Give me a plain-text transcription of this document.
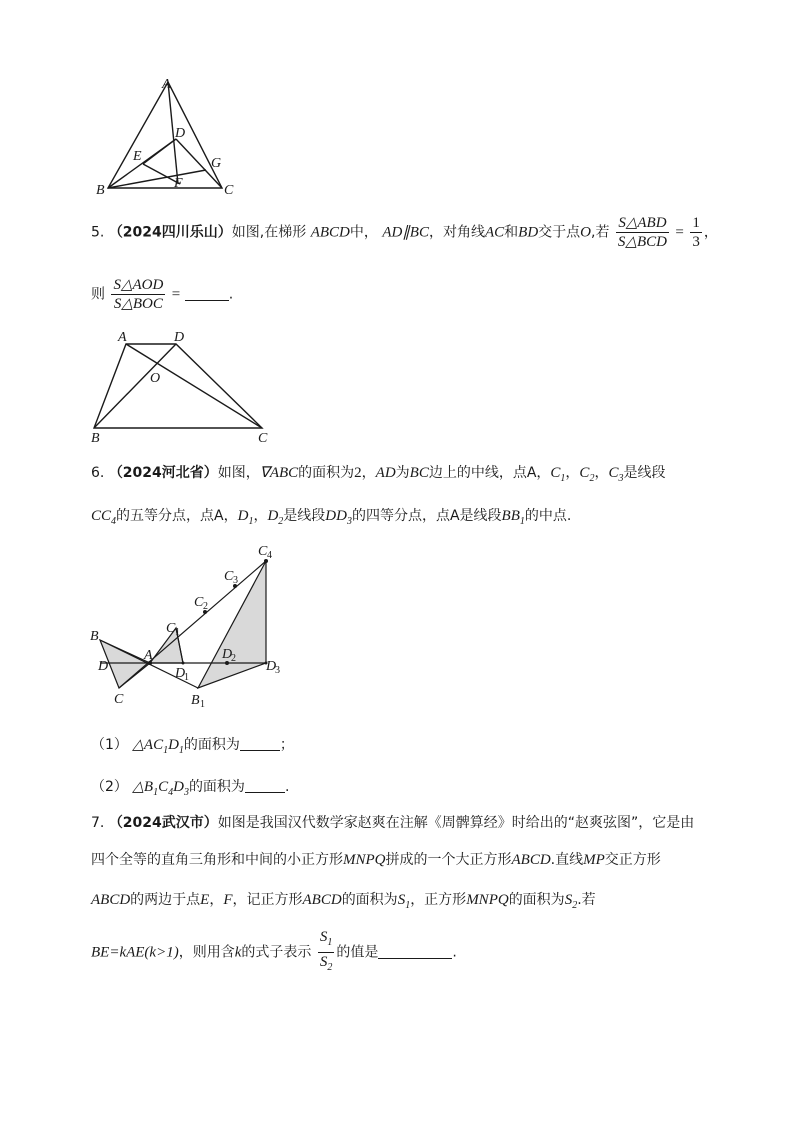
A
D
E	G
F
B	C
5. （2024四川乐山）如图,在梯形 ABCD中， AD∥BC，对角线AC和BD交于点O,若 $\frac{\text{S△ABD}}{\text{S△BCD}} = \frac{1}{3}$ ，
则 $\frac{\text{S△AOD}}{\text{S△BOC}}$ =	.
A	D
O
B	C
6. （2024河北省）如图，∇ABC的面积为2，AD为BC边上的中线，点A，$C_1$，$C_2$，$C_3$是线段
$CC_4$的五等分点，点A，$D_1$，$D_2$是线段$DD_3$的四等分点，点A是线段$BB_1$的中点.
C 4
C 3
C 2
C 1
B
D
A
C
D
1
D
2
D
3
B 1
（1） $\triangle AC_1D_1$的面积为	；
（2） $\triangle B_1C_4D_3$的面积为	.
7. （2024武汉市）如图是我国汉代数学家赵爽在注解《周髀算经》时给出的“赵爽弦图”，它是由
四个全等的直角三角形和中间的小正方形MNPQ拼成的一个大正方形ABCD.直线MP交正方形
ABCD的两边于点E，F，记正方形ABCD的面积为$S_1$，正方形MNPQ的面积为$S_2$.若
BE=kAE(k>1)，则用含k的式子表示 $\frac{S_1}{S_2}$ 的值是	.
